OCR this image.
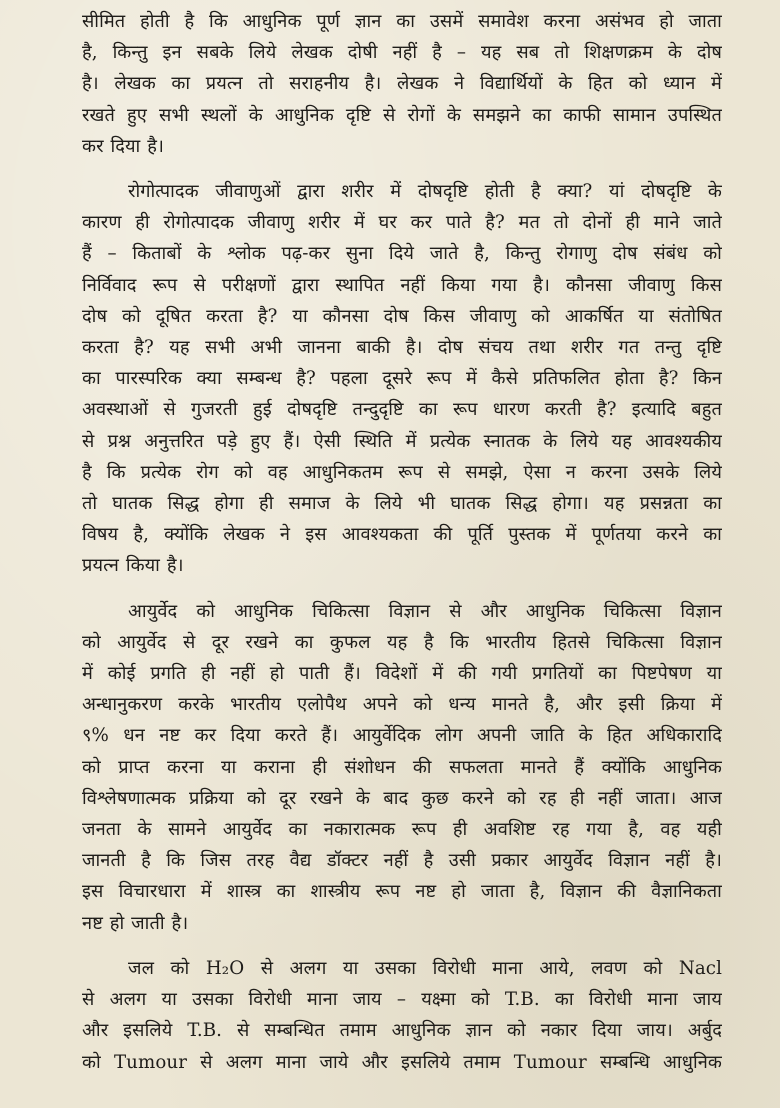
सीमित होती है कि आधुनिक पूर्ण ज्ञान का उसमें समावेश करना असंभव हो जाता
है, किन्तु इन सबके लिये लेखक दोषी नहीं है – यह सब तो शिक्षणक्रम के दोष
है। लेखक का प्रयत्न तो सराहनीय है। लेखक ने विद्यार्थियों के हित को ध्यान में
रखते हुए सभी स्थलों के आधुनिक दृष्टि से रोगों के समझने का काफी सामान उपस्थित
कर दिया है।

रोगोत्पादक जीवाणुओं द्वारा शरीर में दोषदृष्टि होती है क्या? यां दोषदृष्टि के
कारण ही रोगोत्पादक जीवाणु शरीर में घर कर पाते है? मत तो दोनों ही माने जाते
हैं – किताबों के श्लोक पढ़-कर सुना दिये जाते है, किन्तु रोगाणु दोष संबंध को
निर्विवाद रूप से परीक्षणों द्वारा स्थापित नहीं किया गया है। कौनसा जीवाणु किस
दोष को दूषित करता है? या कौनसा दोष किस जीवाणु को आकर्षित या संतोषित
करता है? यह सभी अभी जानना बाकी है। दोष संचय तथा शरीर गत तन्तु दृष्टि
का पारस्परिक क्या सम्बन्ध है? पहला दूसरे रूप में कैसे प्रतिफलित होता है? किन
अवस्थाओं से गुजरती हुई दोषदृष्टि तन्दुदृष्टि का रूप धारण करती है? इत्यादि बहुत
से प्रश्न अनुत्तरित पड़े हुए हैं। ऐसी स्थिति में प्रत्येक स्नातक के लिये यह आवश्यकीय
है कि प्रत्येक रोग को वह आधुनिकतम रूप से समझे, ऐसा न करना उसके लिये
तो घातक सिद्ध होगा ही समाज के लिये भी घातक सिद्ध होगा। यह प्रसन्नता का
विषय है, क्योंकि लेखक ने इस आवश्यकता की पूर्ति पुस्तक में पूर्णतया करने का
प्रयत्न किया है।

आयुर्वेद को आधुनिक चिकित्सा विज्ञान से और आधुनिक चिकित्सा विज्ञान
को आयुर्वेद से दूर रखने का कुफल यह है कि भारतीय हितसे चिकित्सा विज्ञान
में कोई प्रगति ही नहीं हो पाती हैं। विदेशों में की गयी प्रगतियों का पिष्टपेषण या
अन्धानुकरण करके भारतीय एलोपैथ अपने को धन्य मानते है, और इसी क्रिया में
९% धन नष्ट कर दिया करते हैं। आयुर्वेदिक लोग अपनी जाति के हित अधिकारादि
को प्राप्त करना या कराना ही संशोधन की सफलता मानते हैं क्योंकि आधुनिक
विश्लेषणात्मक प्रक्रिया को दूर रखने के बाद कुछ करने को रह ही नहीं जाता। आज
जनता के सामने आयुर्वेद का नकारात्मक रूप ही अवशिष्ट रह गया है, वह यही
जानती है कि जिस तरह वैद्य डॉक्टर नहीं है उसी प्रकार आयुर्वेद विज्ञान नहीं है।
इस विचारधारा में शास्त्र का शास्त्रीय रूप नष्ट हो जाता है, विज्ञान की वैज्ञानिकता
नष्ट हो जाती है।

जल को H₂O से अलग या उसका विरोधी माना आये, लवण को Nacl
से अलग या उसका विरोधी माना जाय – यक्ष्मा को T.B. का विरोधी माना जाय
और इसलिये T.B. से सम्बन्धित तमाम आधुनिक ज्ञान को नकार दिया जाय। अर्बुद
को Tumour से अलग माना जाये और इसलिये तमाम Tumour सम्बन्धि आधुनिक
